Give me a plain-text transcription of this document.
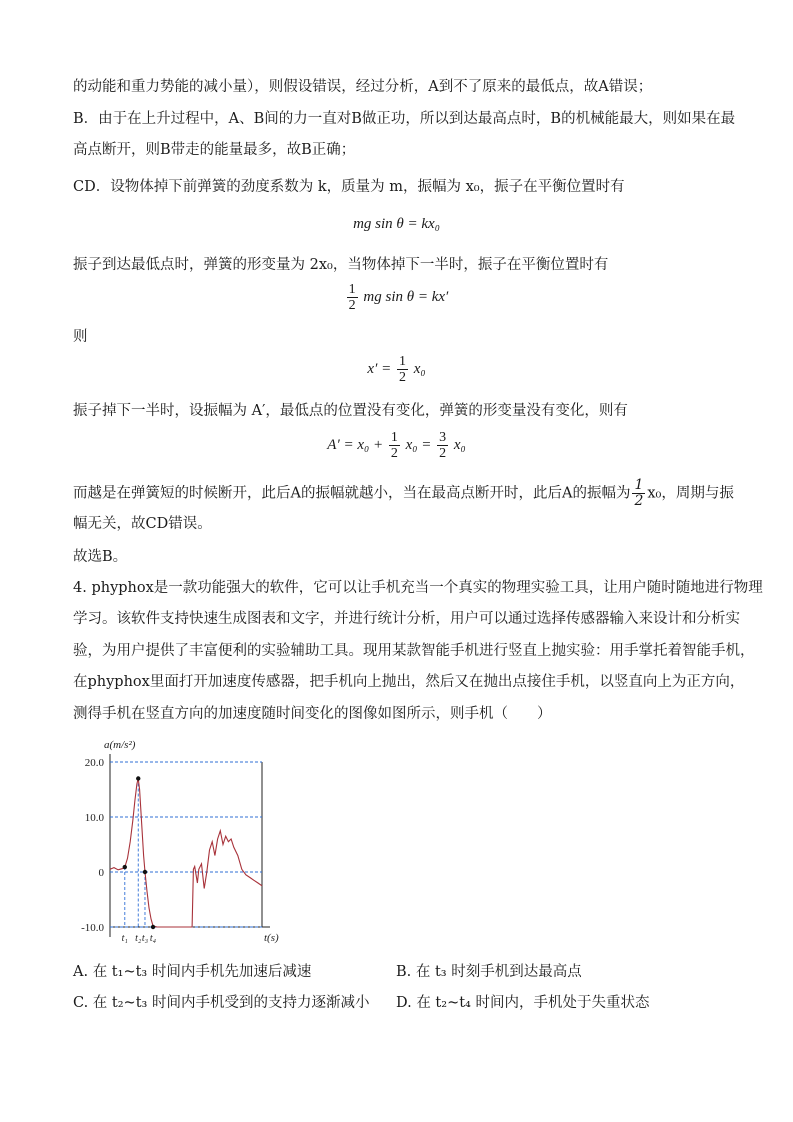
的动能和重力势能的减小量），则假设错误，经过分析，A到不了原来的最低点，故A错误；
B．由于在上升过程中，A、B间的力一直对B做正功，所以到达最高点时，B的机械能最大，则如果在最
高点断开，则B带走的能量最多，故B正确；
CD．设物体掉下前弹簧的劲度系数为 k，质量为 m，振幅为 x₀，振子在平衡位置时有
mg sin θ = kx₀
振子到达最低点时，弹簧的形变量为 2x₀，当物体掉下一半时，振子在平衡位置时有
$\frac{1}{2}$ mg sin θ = kx′
则
$x' = \frac{1}{2} x_0$
振子掉下一半时，设振幅为 A′，最低点的位置没有变化，弹簧的形变量没有变化，则有
$A' = x_0 + \frac{1}{2} x_0 = \frac{3}{2} x_0$
而越是在弹簧短的时候断开，此后A的振幅就越小，当在最高点断开时，此后A的振幅为 $\frac{1}{2} x_0$，周期与振
幅无关，故CD错误。
故选B。
4. phyphox是一款功能强大的软件，它可以让手机充当一个真实的物理实验工具，让用户随时随地进行物理
学习。该软件支持快速生成图表和文字，并进行统计分析，用户可以通过选择传感器输入来设计和分析实
验，为用户提供了丰富便利的实验辅助工具。现用某款智能手机进行竖直上抛实验：用手掌托着智能手机，
在phyphox里面打开加速度传感器，把手机向上抛出，然后又在抛出点接住手机，以竖直向上为正方向，
测得手机在竖直方向的加速度随时间变化的图像如图所示，则手机（　　）
20.0
10.0
0
-10.0
a(m/s²)
t(s)
t₁ t₂ t₃ t₄
A. 在 t₁~t₃ 时间内手机先加速后减速	B. 在 t₃ 时刻手机到达最高点
C. 在 t₂~t₃ 时间内手机受到的支持力逐渐减小 D. 在 t₂~t₄ 时间内，手机处于失重状态
